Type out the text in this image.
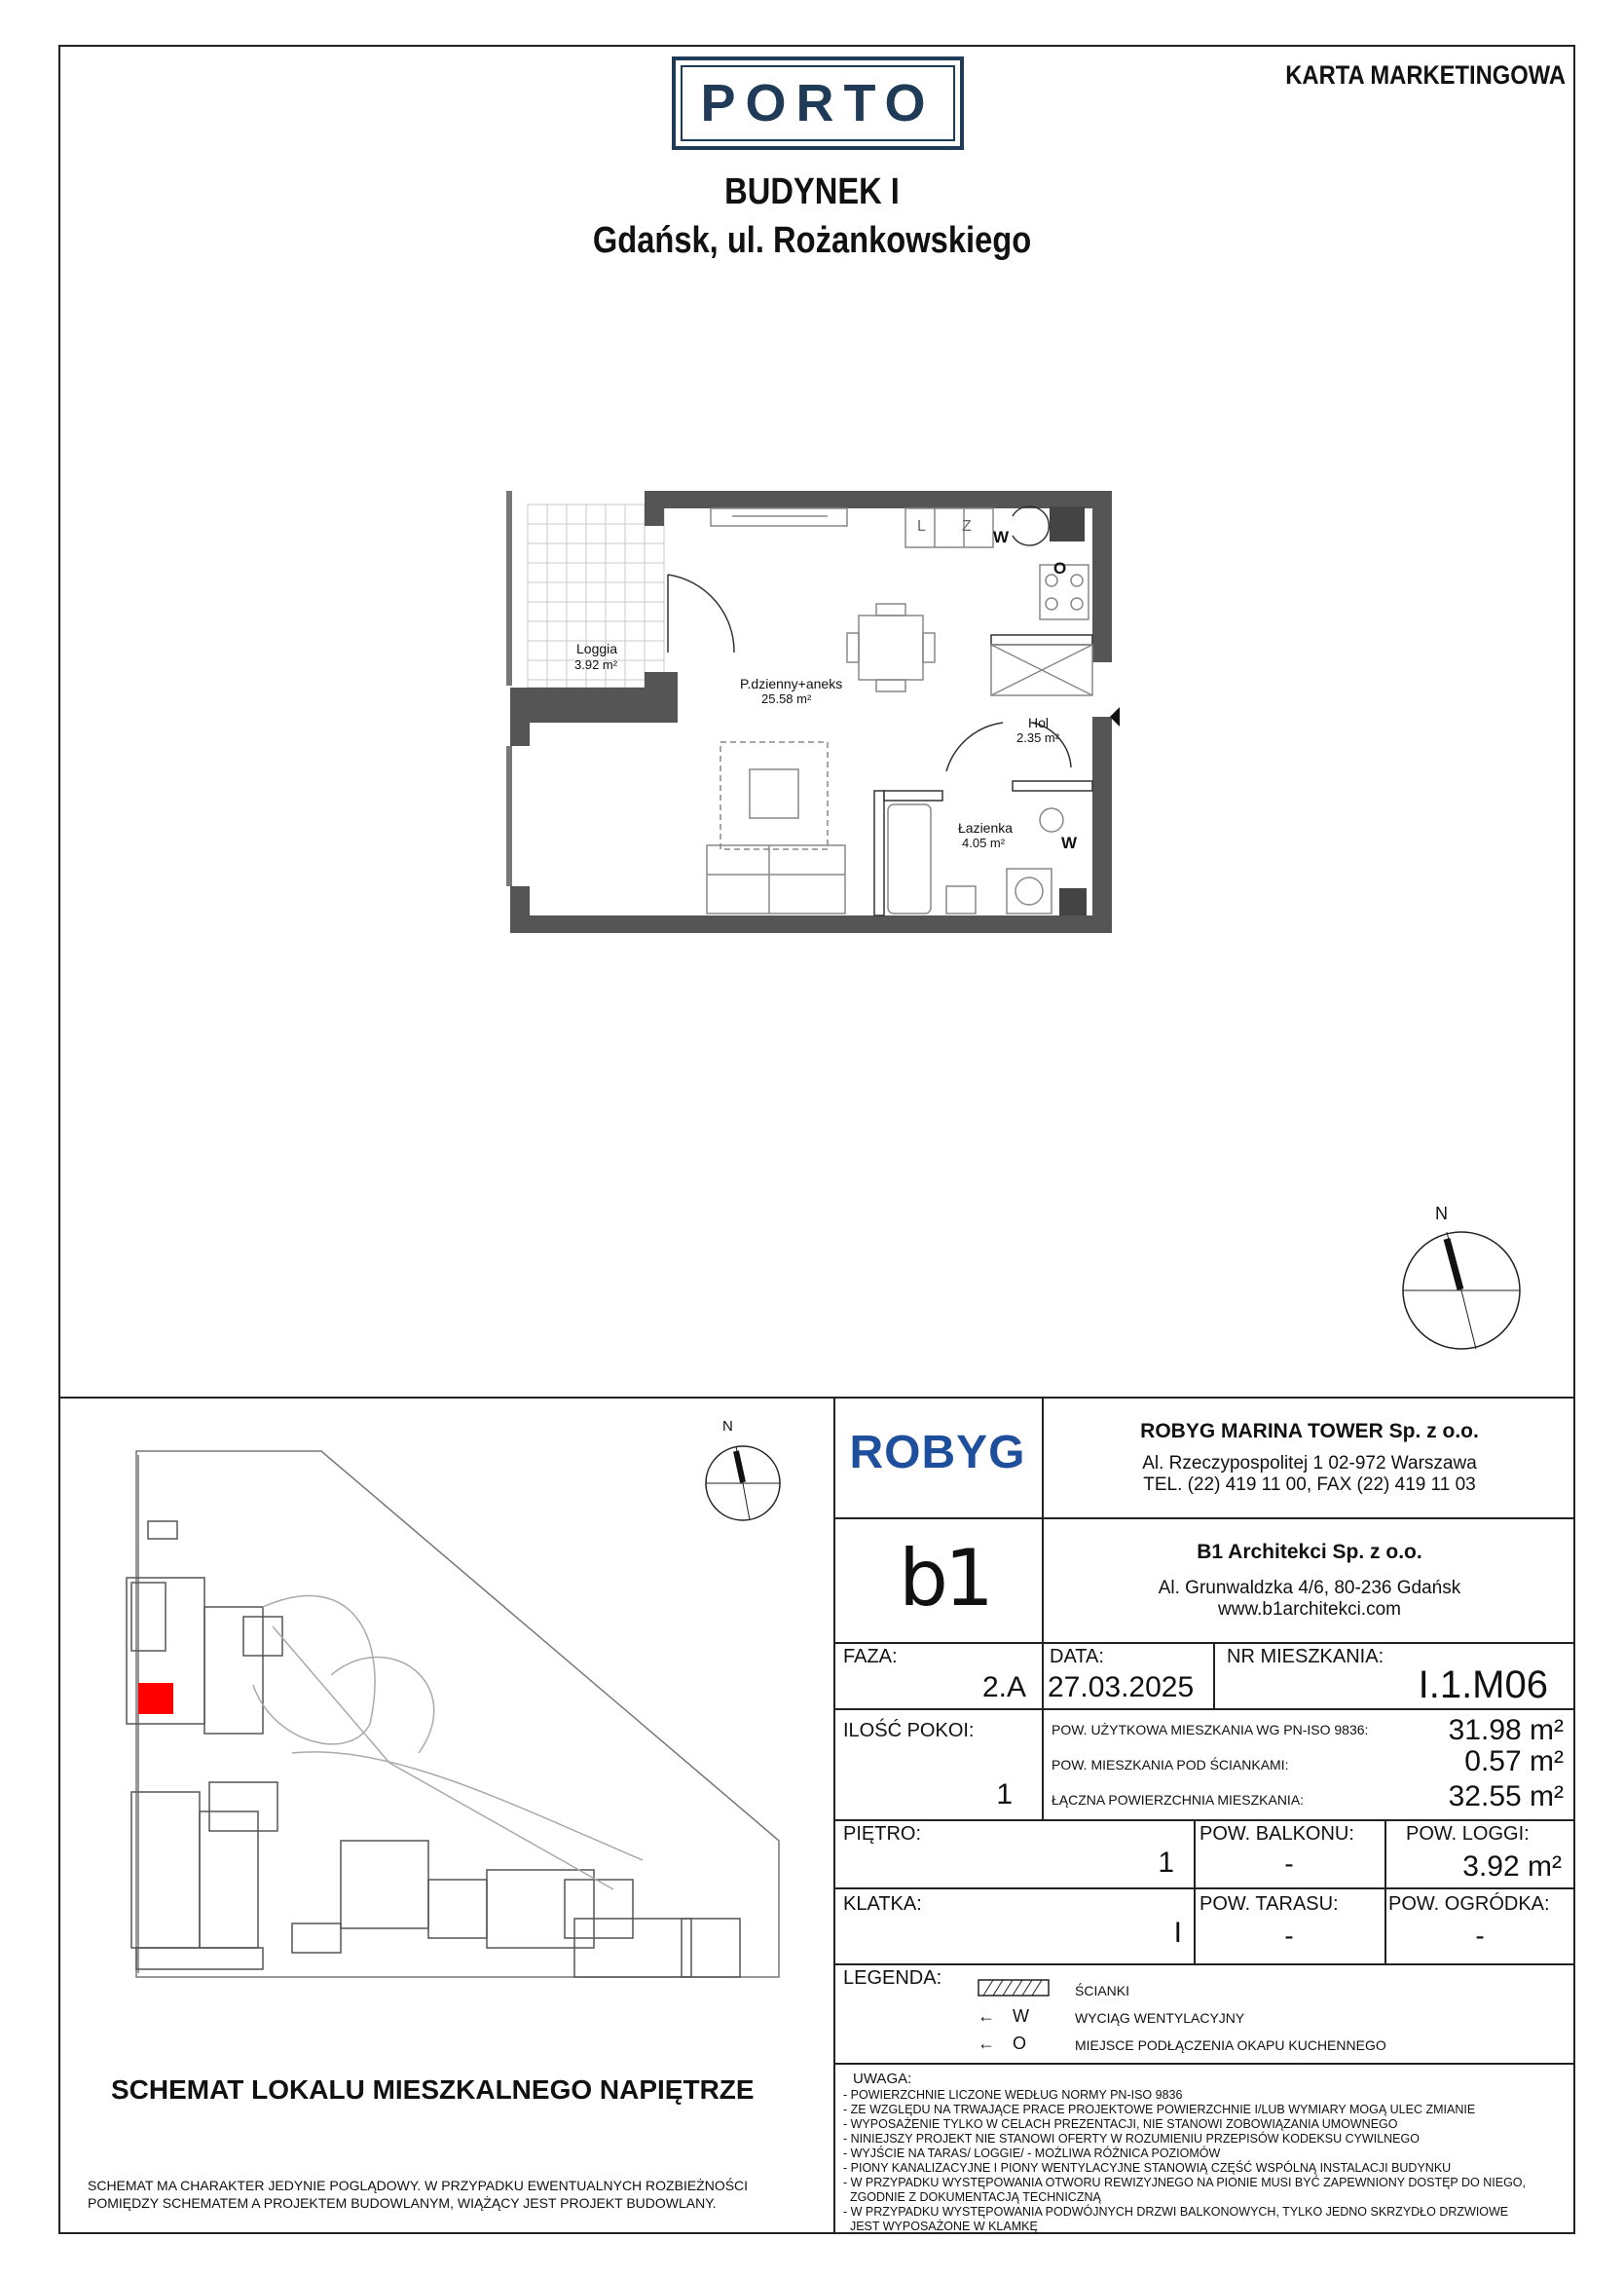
PORTO	KARTA MARKETINGOWA
BUDYNEK I
Gdańsk, ul. Rożankowskiego
Loggia
3.92 m²
P.dzienny+aneks
25.58 m²
Hol
2.35 m²
Łazienka
4.05 m²
W
O
W
L Z
N
N
SCHEMAT LOKALU MIESZKALNEGO NAPIĘTRZE
SCHEMAT MA CHARAKTER JEDYNIE POGLĄDOWY. W PRZYPADKU EWENTUALNYCH ROZBIEŻNOŚCI
POMIĘDZY SCHEMATEM A PROJEKTEM BUDOWLANYM, WIĄŻĄCY JEST PROJEKT BUDOWLANY.
ROBYG	ROBYG MARINA TOWER Sp. z o.o.
Al. Rzeczypospolitej 1 02-972 Warszawa
TEL. (22) 419 11 00, FAX (22) 419 11 03
b1	B1 Architekci Sp. z o.o.
Al. Grunwaldzka 4/6, 80-236 Gdańsk
www.b1architekci.com
FAZA:
2.A
DATA:
27.03.2025
NR MIESZKANIA:
I.1.M06
ILOŚĆ POKOI:
1
POW. UŻYTKOWA MIESZKANIA WG PN-ISO 9836:	31.98 m²
POW. MIESZKANIA POD ŚCIANKAMI:	0.57 m²
ŁĄCZNA POWIERZCHNIA MIESZKANIA:	32.55 m²
PIĘTRO:
1
POW. BALKONU:
-
POW. LOGGI:
3.92 m²
KLATKA:
I
POW. TARASU:
-
POW. OGRÓDKA:
-
LEGENDA:
ŚCIANKI
← W	WYCIĄG WENTYLACYJNY
← O	MIEJSCE PODŁĄCZENIA OKAPU KUCHENNEGO
UWAGA:
- POWIERZCHNIE LICZONE WEDŁUG NORMY PN-ISO 9836
- ZE WZGLĘDU NA TRWAJĄCE PRACE PROJEKTOWE POWIERZCHNIE I/LUB WYMIARY MOGĄ ULEC ZMIANIE
- WYPOSAŻENIE TYLKO W CELACH PREZENTACJI, NIE STANOWI ZOBOWIĄZANIA UMOWNEGO
- NINIEJSZY PROJEKT NIE STANOWI OFERTY W ROZUMIENIU PRZEPISÓW KODEKSU CYWILNEGO
- WYJŚCIE NA TARAS/ LOGGIE/ - MOŻLIWA RÓŻNICA POZIOMÓW
- PIONY KANALIZACYJNE I PIONY WENTYLACYJNE STANOWIĄ CZĘŚĆ WSPÓLNĄ INSTALACJI BUDYNKU
- W PRZYPADKU WYSTĘPOWANIA OTWORU REWIZYJNEGO NA PIONIE MUSI BYĆ ZAPEWNIONY DOSTĘP DO NIEGO,
ZGODNIE Z DOKUMENTACJĄ TECHNICZNĄ
- W PRZYPADKU WYSTĘPOWANIA PODWÓJNYCH DRZWI BALKONOWYCH, TYLKO JEDNO SKRZYDŁO DRZWIOWE
JEST WYPOSAŻONE W KLAMKĘ
